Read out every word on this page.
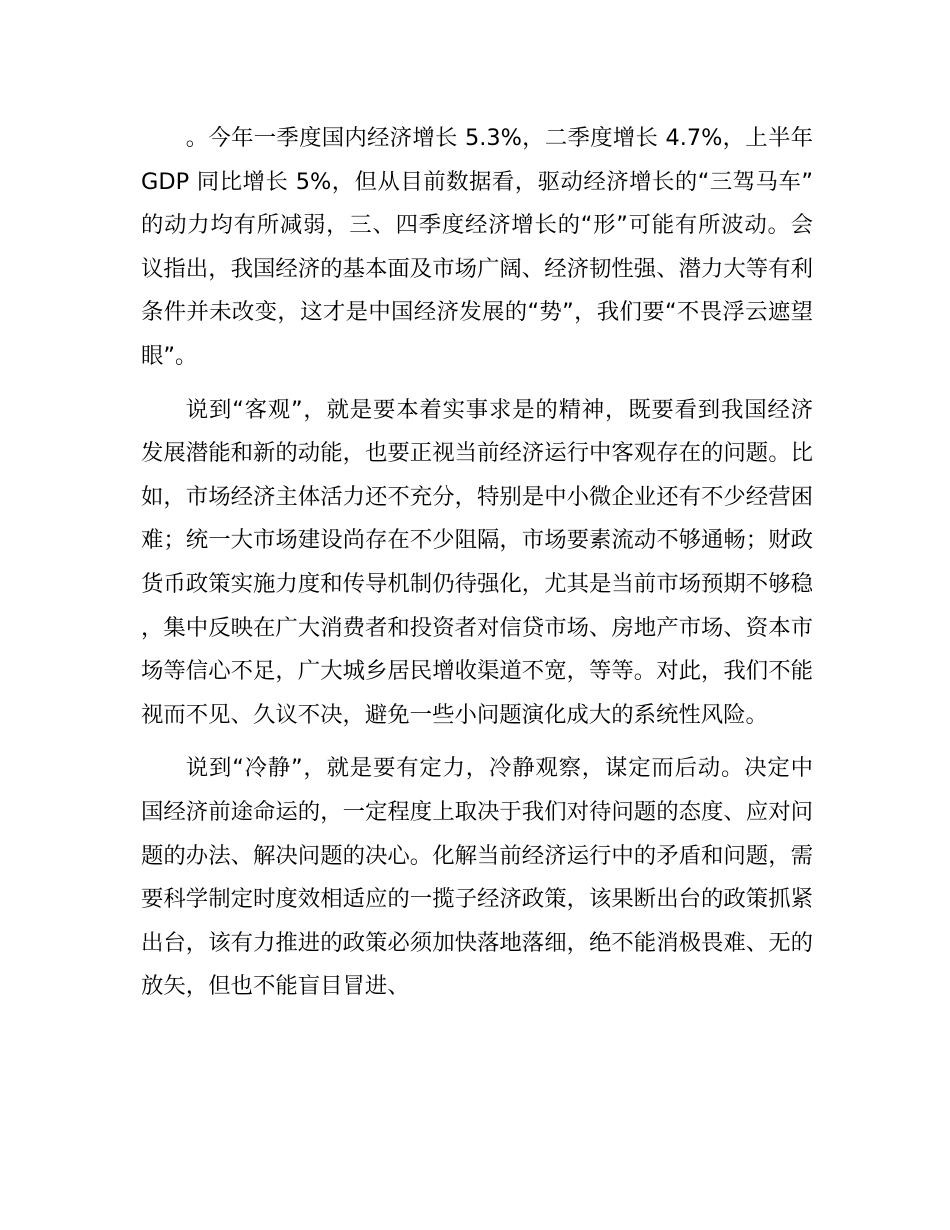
。今年一季度国内经济增长 5.3%，二季度增长 4.7%，上半年 GDP 同比增长 5%，但从目前数据看，驱动经济增长的“三驾马车”的动力均有所减弱，三、四季度经济增长的“形”可能有所波动。会议指出，我国经济的基本面及市场广阔、经济韧性强、潜力大等有利条件并未改变，这才是中国经济发展的“势”，我们要“不畏浮云遮望眼”。

说到“客观”，就是要本着实事求是的精神，既要看到我国经济发展潜能和新的动能，也要正视当前经济运行中客观存在的问题。比如，市场经济主体活力还不充分，特别是中小微企业还有不少经营困难；统一大市场建设尚存在不少阻隔，市场要素流动不够通畅；财政货币政策实施力度和传导机制仍待强化，尤其是当前市场预期不够稳，集中反映在广大消费者和投资者对信贷市场、房地产市场、资本市场等信心不足，广大城乡居民增收渠道不宽，等等。对此，我们不能视而不见、久议不决，避免一些小问题演化成大的系统性风险。

说到“冷静”，就是要有定力，冷静观察，谋定而后动。决定中国经济前途命运的，一定程度上取决于我们对待问题的态度、应对问题的办法、解决问题的决心。化解当前经济运行中的矛盾和问题，需要科学制定时度效相适应的一揽子经济政策，该果断出台的政策抓紧出台，该有力推进的政策必须加快落地落细，绝不能消极畏难、无的放矢，但也不能盲目冒进、
